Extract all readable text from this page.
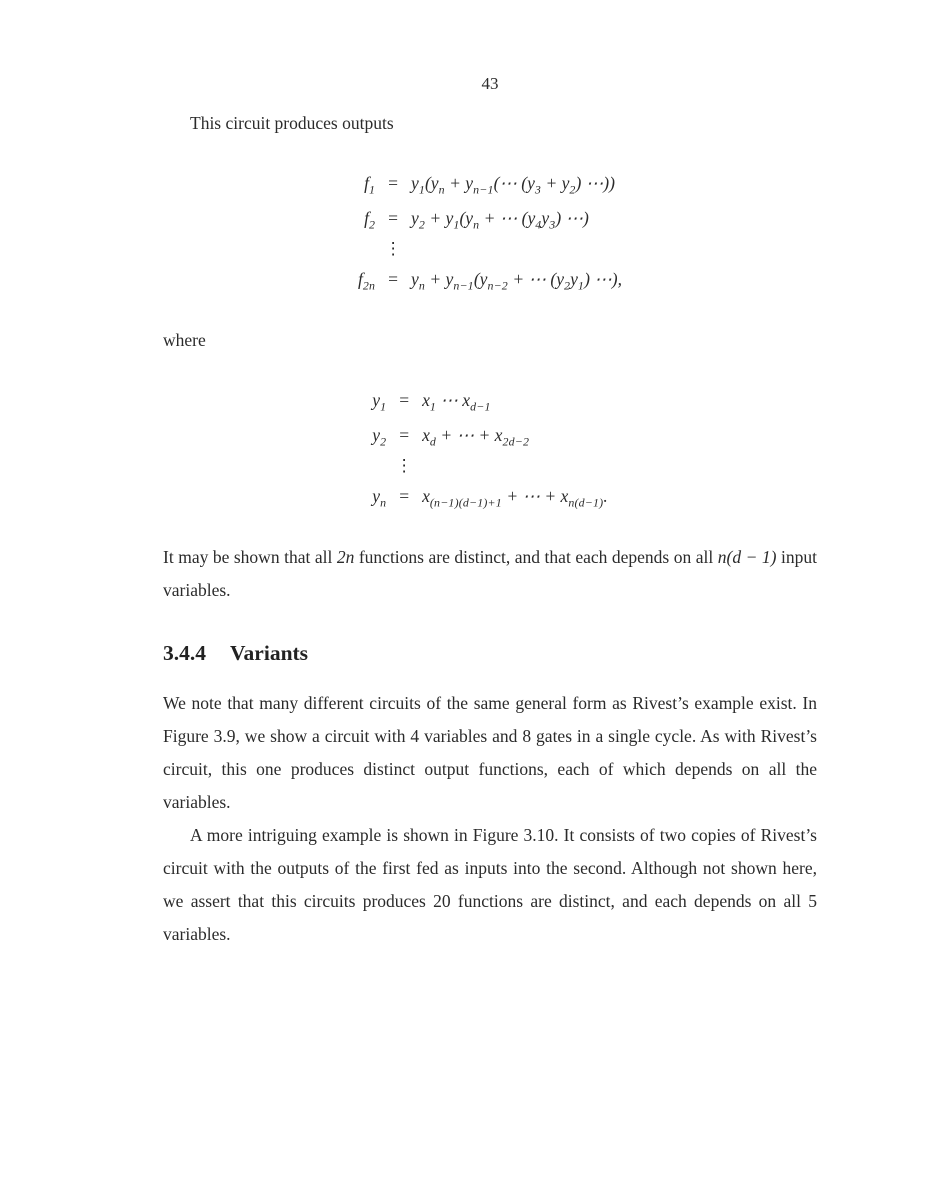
43

This circuit produces outputs

$f_1$	=	$y_1(y_n$ + $y_{n-1}(\cdots$ $(y_3 + y_2)$ ⋯))
$f_2$	=	$y_2 + y_1(y_n$ + ⋯ $(y_4y_3)$ ⋯)
	⋮	
$f_{2n}$	=	$y_n + y_{n-1}(y_{n-2}$ + ⋯ $(y_2y_1)$ ⋯),

where

$y_1$	=	$x_1$ ⋯ $x_{d-1}$
$y_2$	=	$x_d$ + ⋯ + $x_{2d-2}$
	⋮	
$y_n$	=	$x_{(n-1)(d-1)+1}$ + ⋯ + $x_{n(d-1)}$.

It may be shown that all 2n functions are distinct, and that each depends on all n(d − 1) input variables.

3.4.4 Variants

We note that many different circuits of the same general form as Rivest’s example exist. In Figure 3.9, we show a circuit with 4 variables and 8 gates in a single cycle. As with Rivest’s circuit, this one produces distinct output functions, each of which depends on all the variables.

A more intriguing example is shown in Figure 3.10. It consists of two copies of Rivest’s circuit with the outputs of the first fed as inputs into the second. Although not shown here, we assert that this circuits produces 20 functions are distinct, and each depends on all 5 variables.
